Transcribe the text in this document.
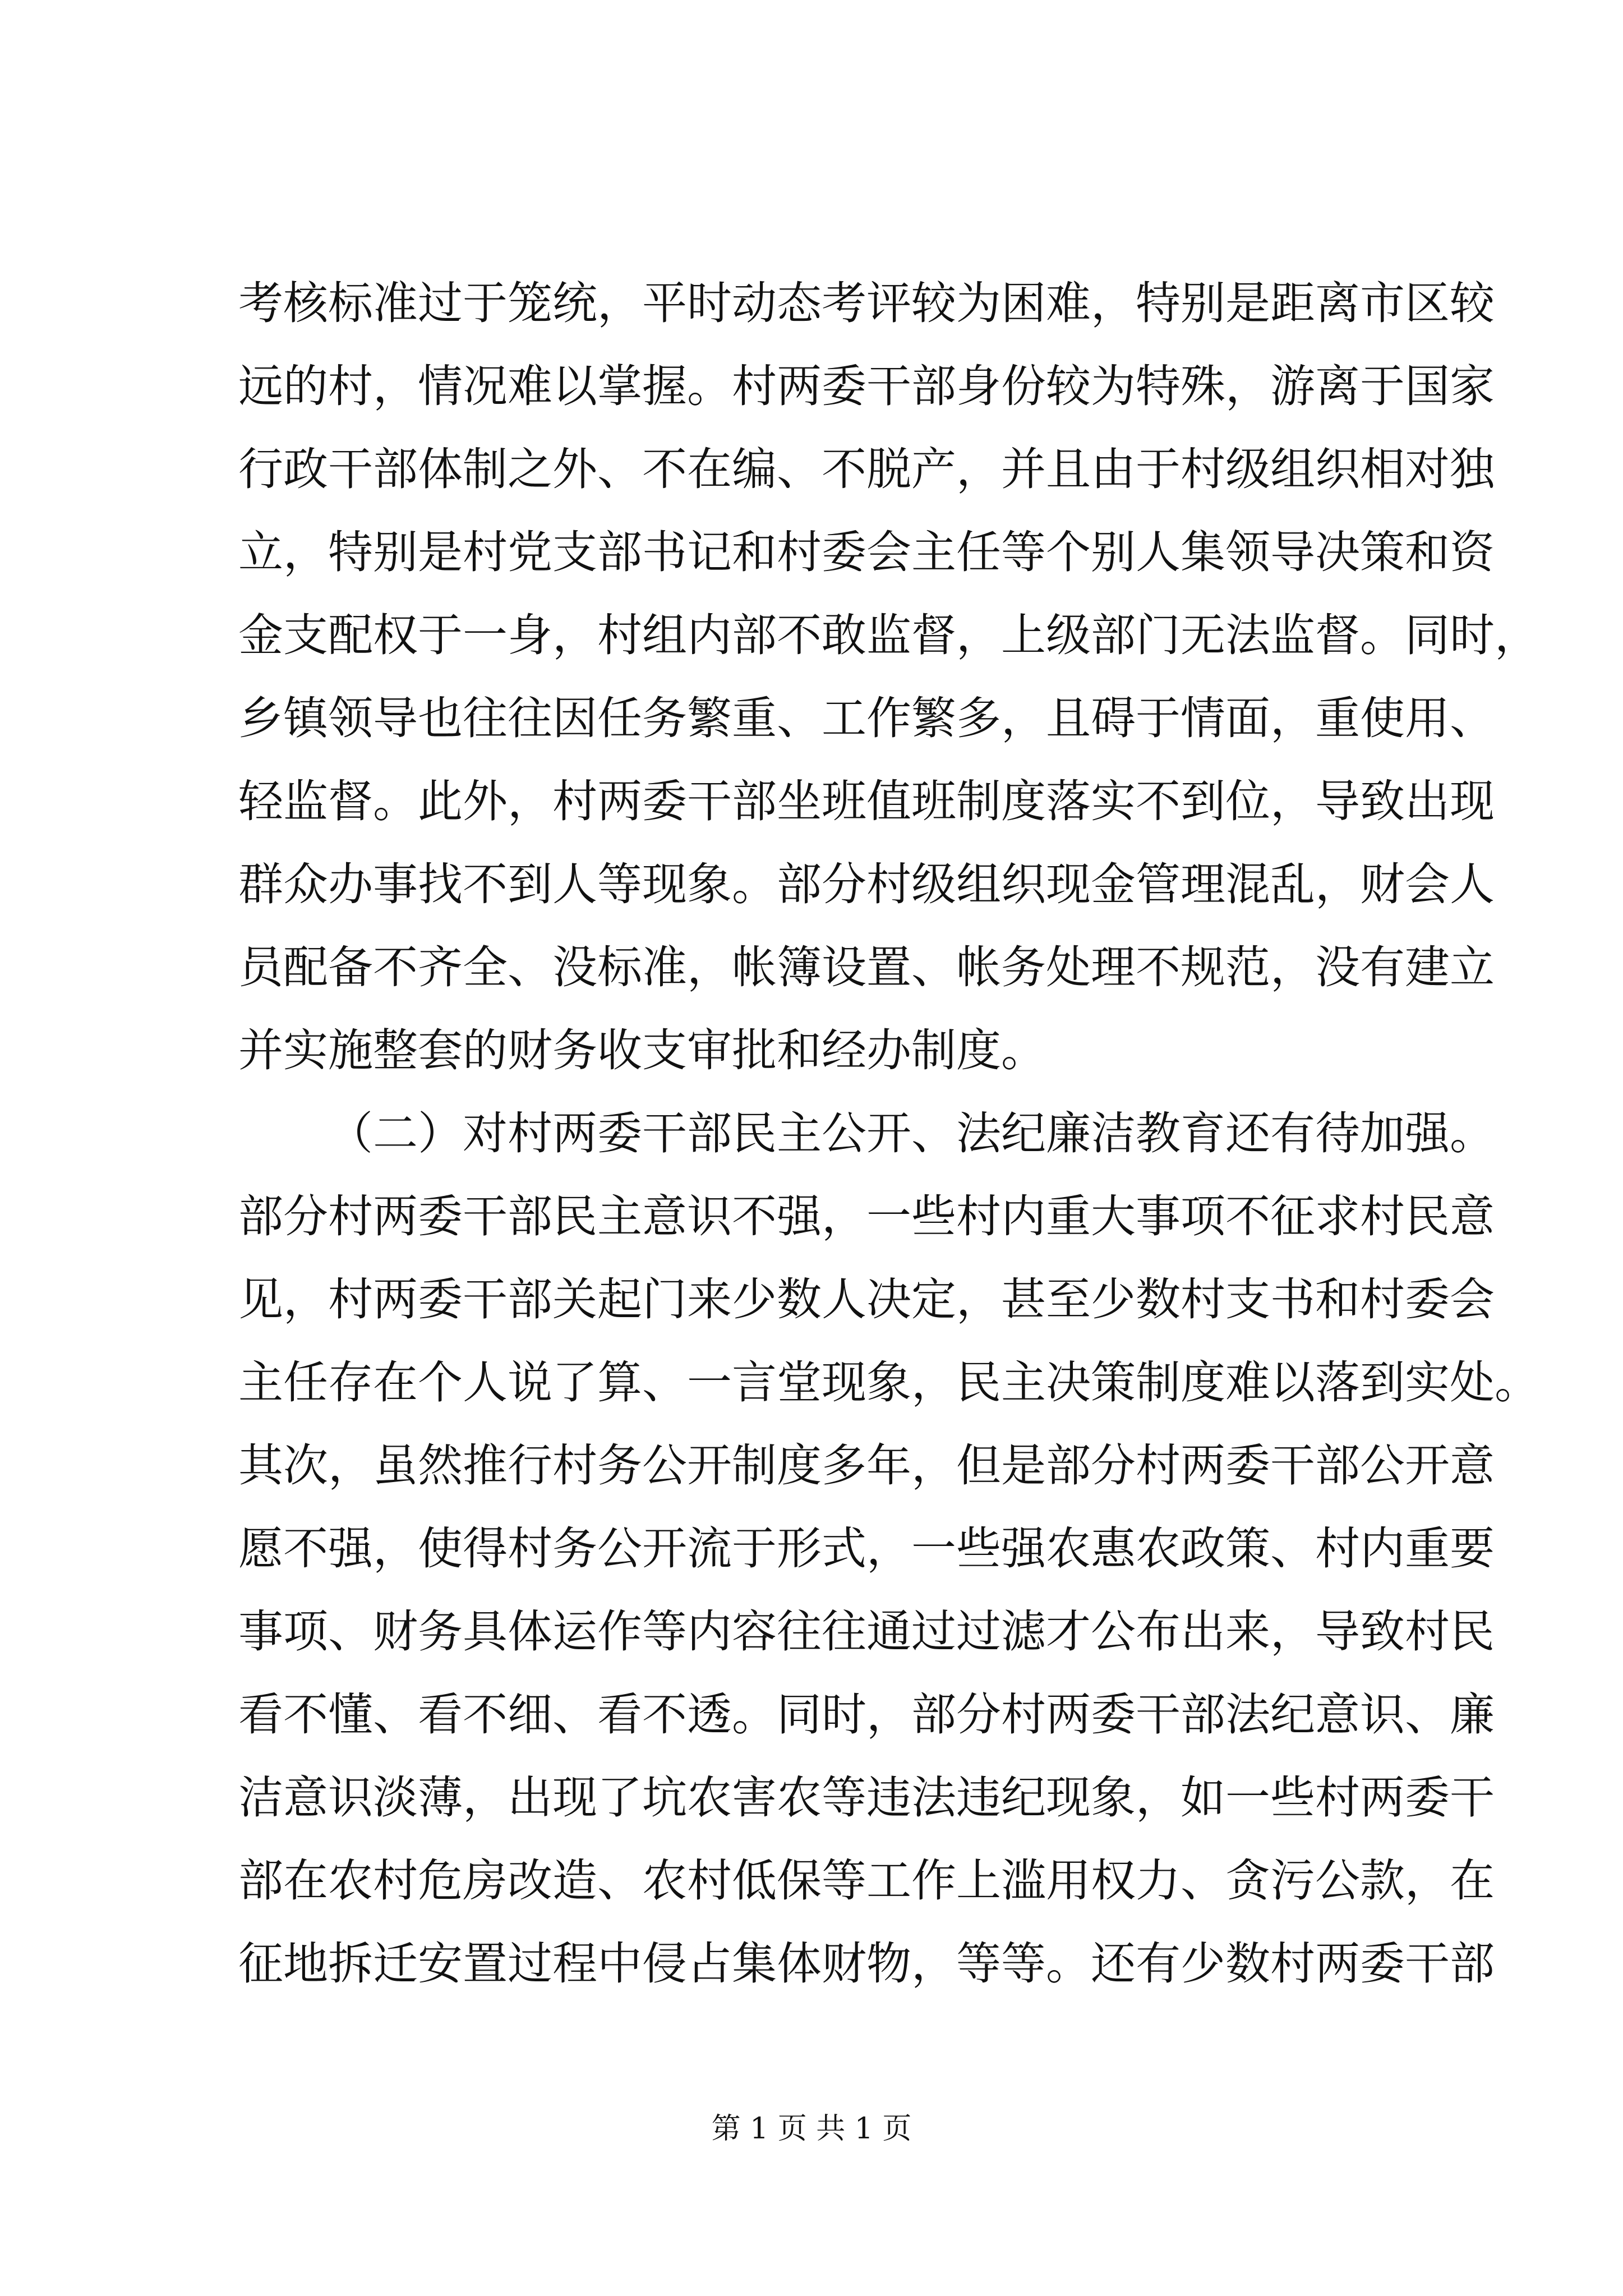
考核标准过于笼统，平时动态考评较为困难，特别是距离市区较
远的村，情况难以掌握。村两委干部身份较为特殊，游离于国家
行政干部体制之外、不在编、不脱产，并且由于村级组织相对独
立，特别是村党支部书记和村委会主任等个别人集领导决策和资
金支配权于一身，村组内部不敢监督，上级部门无法监督。同时，
乡镇领导也往往因任务繁重、工作繁多，且碍于情面，重使用、
轻监督。此外，村两委干部坐班值班制度落实不到位，导致出现
群众办事找不到人等现象。部分村级组织现金管理混乱，财会人
员配备不齐全、没标准，帐簿设置、帐务处理不规范，没有建立
并实施整套的财务收支审批和经办制度。
（二）对村两委干部民主公开、法纪廉洁教育还有待加强。
部分村两委干部民主意识不强，一些村内重大事项不征求村民意
见，村两委干部关起门来少数人决定，甚至少数村支书和村委会
主任存在个人说了算、一言堂现象，民主决策制度难以落到实处。
其次，虽然推行村务公开制度多年，但是部分村两委干部公开意
愿不强，使得村务公开流于形式，一些强农惠农政策、村内重要
事项、财务具体运作等内容往往通过过滤才公布出来，导致村民
看不懂、看不细、看不透。同时，部分村两委干部法纪意识、廉
洁意识淡薄，出现了坑农害农等违法违纪现象，如一些村两委干
部在农村危房改造、农村低保等工作上滥用权力、贪污公款，在
征地拆迁安置过程中侵占集体财物，等等。还有少数村两委干部
第 1 页 共 1 页
